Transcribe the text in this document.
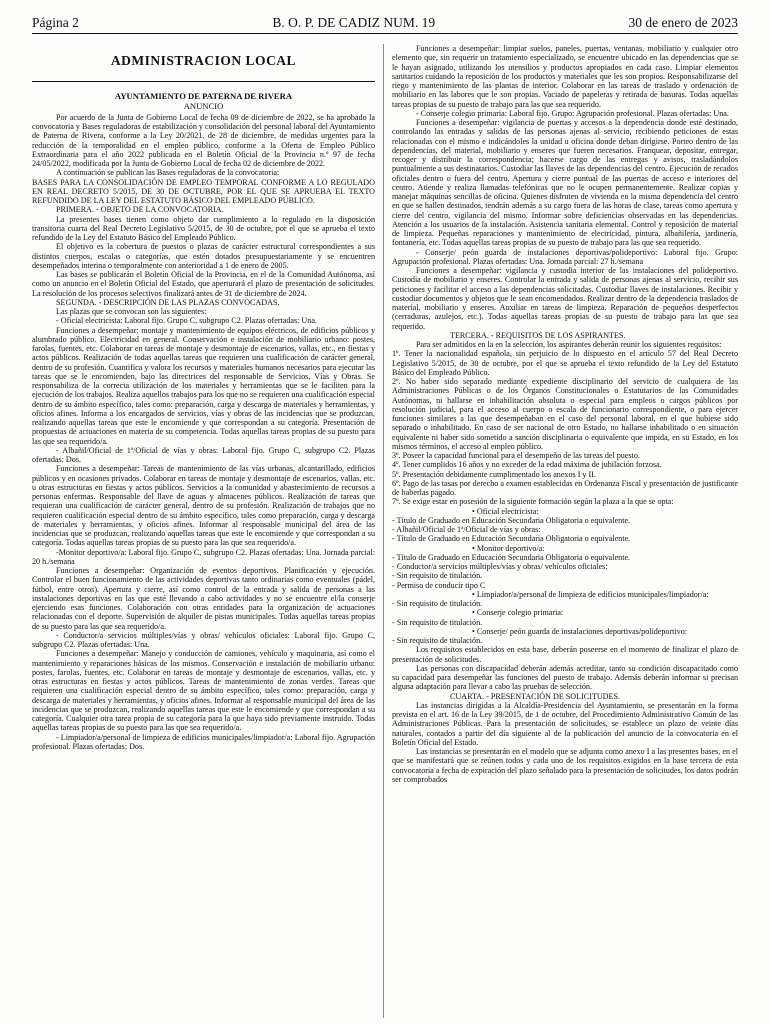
Página 2	B. O. P. DE CADIZ NUM. 19	30 de enero de 2023
ADMINISTRACION LOCAL
AYUNTAMIENTO DE PATERNA DE RIVERA
ANUNCIO

Por acuerdo de la Junta de Gobierno Local de fecha 09 de diciembre de 2022, se ha aprobado la convocatoria y Bases reguladoras de estabilización y consolidación del personal laboral del Ayuntamiento de Paterna de Rivera, conforme a la Ley 20/2021, de 28 de diciembre, de medidas urgentes para la reducción de la temporalidad en el empleo público, conforme a la Oferta de Empleo Público Extraordinaria para el año 2022 publicada en el Boletín Oficial de la Provincia n.º 97 de fecha 24/05/2022, modificada por la Junta de Gobierno Local de fecha 02 de diciembre de 2022.

A continuación se publican las Bases reguladoras de la convocatoria:

BASES PARA LA CONSOLIDACIÓN DE EMPLEO TEMPORAL CONFORME A LO REGULADO EN REAL DECRETO 5/2015, DE 30 DE OCTUBRE, POR EL QUE SE APRUEBA EL TEXTO REFUNDIDO DE LA LEY DEL ESTATUTO BÁSICO DEL EMPLEADO PÚBLICO.

PRIMERA. - OBJETO DE LA CONVOCATORIA.

La presentes bases tienen como objeto dar cumplimiento a lo regulado en la disposición transitoria cuarta del Real Decreto Legislativo 5/2015, de 30 de octubre, por el que se aprueba el texto refundido de la Ley del Estatuto Básico del Empleado Público.

El objetivo es la cobertura de puestos o plazas de carácter estructural correspondientes a sus distintos cuerpos, escalas o categorías, que estén dotados presupuestariamente y se encuentren desempeñados interina o temporalmente con anterioridad a 1 de enero de 2005.

Las bases se publicarán el Boletín Oficial de la Provincia, en el de la Comunidad Autónoma, así como un anuncio en el Boletín Oficial del Estado, que aperturará el plazo de presentación de solicitudes. La resolución de los procesos selectivos finalizará antes de 31 de diciembre de 2024.

SEGUNDA. - DESCRIPCIÓN DE LAS PLAZAS CONVOCADAS.

Las plazas que se convocan son las siguientes:

- Oficial electricista: Laboral fijo. Grupo C, subgrupo C2. Plazas ofertadas: Una.

Funciones a desempeñar: montaje y mantenimiento de equipos eléctricos, de edificios públicos y alumbrado público. Electricidad en general. Conservación e instalación de mobiliario urbano: postes, farolas, fuentes, etc. Colaborar en tareas de montaje y desmontaje de escenarios, vallas, etc., en fiestas y actos públicos. Realización de todas aquellas tareas que requieren una cualificación de carácter general, dentro de su profesión. Cuantifica y valora los recursos y materiales humanos necesarios para ejecutar las tareas que se le encomienden, bajo las directrices del responsable de Servicios, Vías y Obras. Se responsabiliza de la correcta utilización de los materiales y herramientas que se le faciliten para la ejecución de los trabajos. Realiza aquellos trabajos para los que no se requieren una cualificación especial dentro de su ámbito específico, tales como: preparación, carga y descarga de materiales y herramientas, y oficios afines. Informa a los encargados de servicios, vías y obras de las incidencias que se produzcan, realizando aquellas tareas que este le encomiende y que correspondan a su categoría. Presentación de propuestas de actuaciones en materia de su competencia. Todas aquellas tareas propias de su puesto para las que sea requerido/a.

- Albañil/Oficial de 1ª/Oficial de vías y obras: Laboral fijo. Grupo C, subgrupo C2. Plazas ofertadas: Dos.

Funciones a desempeñar: Tareas de mantenimiento de las vías urbanas, alcantarillado, edificios públicos y en ocasiones privados. Colaborar en tareas de montaje y desmontaje de escenarios, vallas, etc. u otras estructuras en fiestas y actos públicos. Servicios a la comunidad y abastecimiento de recursos a personas enfermas. Responsable del llave de aguas y almacenes públicos. Realización de tareas que requieran una cualificación de carácter general, dentro de su profesión. Realización de trabajos que no requieren cualificación especial dentro de su ámbito específico, tales como preparación, carga y descarga de materiales y herramientas, y oficios afines. Informar al responsable municipal del área de las incidencias que se produzcan, realizando aquellas tareas que este le encomiende y que correspondan a su categoría. Todas aquellas tareas propias de su puesto para las que sea requerido/a.

-Monitor deportivo/a: Laboral fijo. Grupo C, subgrupo C2. Plazas ofertadas: Una. Jornada parcial: 20 h./semana

Funciones a desempeñar: Organización de eventos deportivos. Planificación y ejecución. Controlar el buen funcionamiento de las actividades deportivas tanto ordinarias como eventuales (pádel, fútbol, entre otros). Apertura y cierre, así como control de la entrada y salida de personas a las instalaciones deportivas en las que esté llevando a cabo actividades y no se encuentre el/la conserje ejerciendo esas funciones. Colaboración con otras entidades para la organización de actuaciones relacionadas con el deporte. Supervisión de alquiler de pistas municipales. Todas aquellas tareas propias de su puesto para las que sea requerido/a.

- Conductor/a servicios múltiples/vías y obras/ vehículos oficiales: Laboral fijo. Grupo C, subgrupo C2. Plazas ofertadas: Una.

Funciones a desempeñar: Manejo y conducción de camiones, vehículo y maquinaria, así como el mantenimiento y reparaciones básicas de los mismos. Conservación e instalación de mobiliario urbano: postes, farolas, fuentes, etc. Colaborar en tareas de montaje y desmontaje de escenarios, vallas, etc. y otras estructuras en fiestas y actos públicos. Tareas de mantenimiento de zonas verdes. Tareas que requieren una cualificación especial dentro de su ámbito específico, tales como: preparación, carga y descarga de materiales y herramientas, y oficios afines. Informar al responsable municipal del área de las incidencias que se produzcan, realizando aquellas tareas que este le encomiende y que correspondan a su categoría. Cualquier otra tarea propia de su categoría para la que haya sido previamente instruido. Todas aquellas tareas propias de su puesto para las que sea requerido/a.

- Limpiador/a/personal de limpieza de edificios municipales/limpiador/a: Laboral fijo. Agrupación profesional. Plazas ofertadas: Dos.

Funciones a desempeñar: limpiar suelos, paneles, puertas, ventanas, mobiliario y cualquier otro elemento que, sin requerir un tratamiento especializado, se encuentre ubicado en las dependencias que se le hayan asignado, utilizando los utensilios y productos apropiados en cada caso. Limpiar elementos sanitarios cuidando la reposición de los productos y materiales que les son propios. Responsabilizarse del riego y mantenimiento de las plantas de interior. Colaborar en las tareas de traslado y ordenación de mobiliario en las labores que le son propias. Vaciado de papeleras y retirada de basuras. Todas aquellas tareas propias de su puesto de trabajo para las que sea requerido.

- Conserje colegio primaria: Laboral fijo. Grupo: Agrupación profesional. Plazas ofertadas: Una.

Funciones a desempeñar: vigilancia de puertas y accesos a la dependencia donde esté destinado, controlando las entradas y salidas de las personas ajenas al servicio, recibiendo peticiones de estas relacionadas con el mismo e indicándoles la unidad u oficina donde deban dirigirse. Porteo dentro de las dependencias, del material, mobiliario y enseres que fueren necesarios. Franquear, depositar, entregar, recoger y distribuir la correspondencia; hacerse cargo de las entregas y avisos, trasladándolos puntualmente a sus destinatarios. Custodiar las llaves de las dependencias del centro. Ejecución de recados oficiales dentro o fuera del centro. Apertura y cierre puntual de las puertas de acceso e interiores del centro. Atiende y realiza llamadas telefónicas que no le ocupen permanentemente. Realizar copias y manejar máquinas sencillas de oficina. Quienes disfruten de vivienda en la misma dependencia del centro en que se hallen destinados, tendrán además a su cargo fuera de las horas de clase, tareas como apertura y cierre del centro, vigilancia del mismo. Informar sobre deficiencias observadas en las dependencias. Atención a los usuarios de la instalación. Asistencia sanitaria elemental. Control y reposición de material de limpieza. Pequeñas reparaciones y mantenimiento de electricidad, pintura, albañilería, jardinería, fontanería, etc. Todas aquellas tareas propias de su puesto de trabajo para las que sea requerido.

- Conserje/ peón guarda de instalaciones deportivas/polideportivo: Laboral fijo. Grupo: Agrupación profesional. Plazas ofertadas: Una. Jornada parcial: 27 h./semana

Funciones a desempeñar: vigilancia y custodia interior de las instalaciones del polideportivo. Custodia de mobiliario y enseres. Controlar la entrada y salida de personas ajenas al servicio, recibir sus peticiones y facilitar el acceso a las dependencias solicitadas. Custodiar llaves de instalaciones. Recibir y custodiar documentos y objetos que le sean encomendados. Realizar dentro de la dependencia traslados de material, mobiliario y enseres. Auxiliar en tareas de limpieza. Reparación de pequeños desperfectos (cerraduras, azulejos, etc.). Todas aquellas tareas propias de su puesto de trabajo para las que sea requerido.

TERCERA. - REQUISITOS DE LOS ASPIRANTES.

Para ser admitidos en la en la selección, los aspirantes deberán reunir los siguientes requisitos:

1º. Tener la nacionalidad española, sin perjuicio de lo dispuesto en el artículo 57 del Real Decreto Legislativo 5/2015, de 30 de octubre, por el que se aprueba el texto refundido de la Ley del Estatuto Básico del Empleado Público.

2º. No haber sido separado mediante expediente disciplinario del servicio de cualquiera de las Administraciones Públicas o de los Órganos Constitucionales o Estatutarios de las Comunidades Autónomas, ni hallarse en inhabilitación absoluta o especial para empleos o cargos públicos por resolución judicial, para el acceso al cuerpo o escala de funcionario correspondiente, o para ejercer funciones similares a las que desempeñaban en el caso del personal laboral, en el que hubiese sido separado o inhabilitado. En caso de ser nacional de otro Estado, no hallarse inhabilitado o en situación equivalente ni haber sido sometido a sanción disciplinaria o equivalente que impida, en su Estado, en los mismos términos, el acceso al empleo público.

3º. Poseer la capacidad funcional para el desempeño de las tareas del puesto.

4º. Tener cumplidos 16 años y no exceder de la edad máxima de jubilación forzosa.

5º. Presentación debidamente cumplimentado los anexos I y II.

6º. Pago de las tasas por derecho a examen establecidas en Ordenanza Fiscal y presentación de justificante de haberlas pagado.

7º. Se exige estar en posesión de la siguiente formación según la plaza a la que se opta:

• Oficial electricista:

- Título de Graduado en Educación Secundaria Obligatoria o equivalente.

- Albañil/Oficial de 1ª/Oficial de vías y obras:

- Título de Graduado en Educación Secundaria Obligatoria o equivalente.

• Monitor deportivo/a:

- Título de Graduado en Educación Secundaria Obligatoria o equivalente.

- Conductor/a servicios múltiples/vías y obras/ vehículos oficiales:

- Sin requisito de titulación.

- Permiso de conducir tipo C

• Limpiador/a/personal de limpieza de edificios municipales/limpiador/a:

- Sin requisito de titulación.

• Conserje colegio primaria:

- Sin requisito de titulación.

• Conserje/ peón guarda de instalaciones deportivas/polideportivo:

- Sin requisito de titulación.

Los requisitos establecidos en esta base, deberán poseerse en el momento de finalizar el plazo de presentación de solicitudes.

Las personas con discapacidad deberán además acreditar, tanto su condición discapacitado como su capacidad para desempeñar las funciones del puesto de trabajo. Además deberán informar si precisan alguna adaptación para llevar a cabo las pruebas de selección.

CUARTA. - PRESENTACIÓN DE SOLICITUDES.

Las instancias dirigidas a la Alcaldía-Presidencia del Ayuntamiento, se presentarán en la forma prevista en el art. 16 de la Ley 39/2015, de 1 de octubre, del Procedimiento Administrativo Común de las Administraciones Públicas. Para la presentación de solicitudes, se establece un plazo de veinte días naturales, contados a partir del día siguiente al de la publicación del anuncio de la convocatoria en el Boletín Oficial del Estado.

Las instancias se presentarán en el modelo que se adjunta como anexo I a las presentes bases, en el que se manifestará que se reúnen todos y cada uno de los requisitos exigidos en la base tercera de esta convocatoria a fecha de expiración del plazo señalado para la presentación de solicitudes, los datos podrán ser comprobados
